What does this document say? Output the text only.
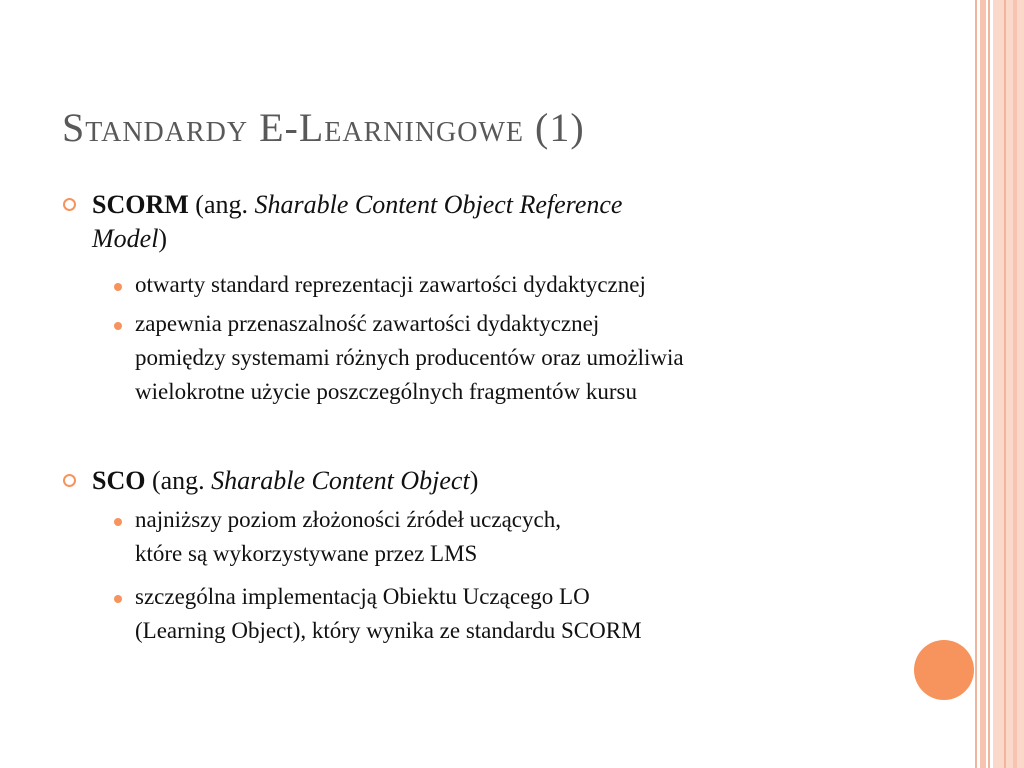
Standardy E-Learningowe (1)
SCORM (ang. Sharable Content Object Reference
Model)
otwarty standard reprezentacji zawartości dydaktycznej
zapewnia przenaszalność zawartości dydaktycznej
pomiędzy systemami różnych producentów oraz umożliwia
wielokrotne użycie poszczególnych fragmentów kursu
SCO (ang. Sharable Content Object)
najniższy poziom złożoności źródeł uczących,
które są wykorzystywane przez LMS
szczególna implementacją Obiektu Uczącego LO
(Learning Object), który wynika ze standardu SCORM
